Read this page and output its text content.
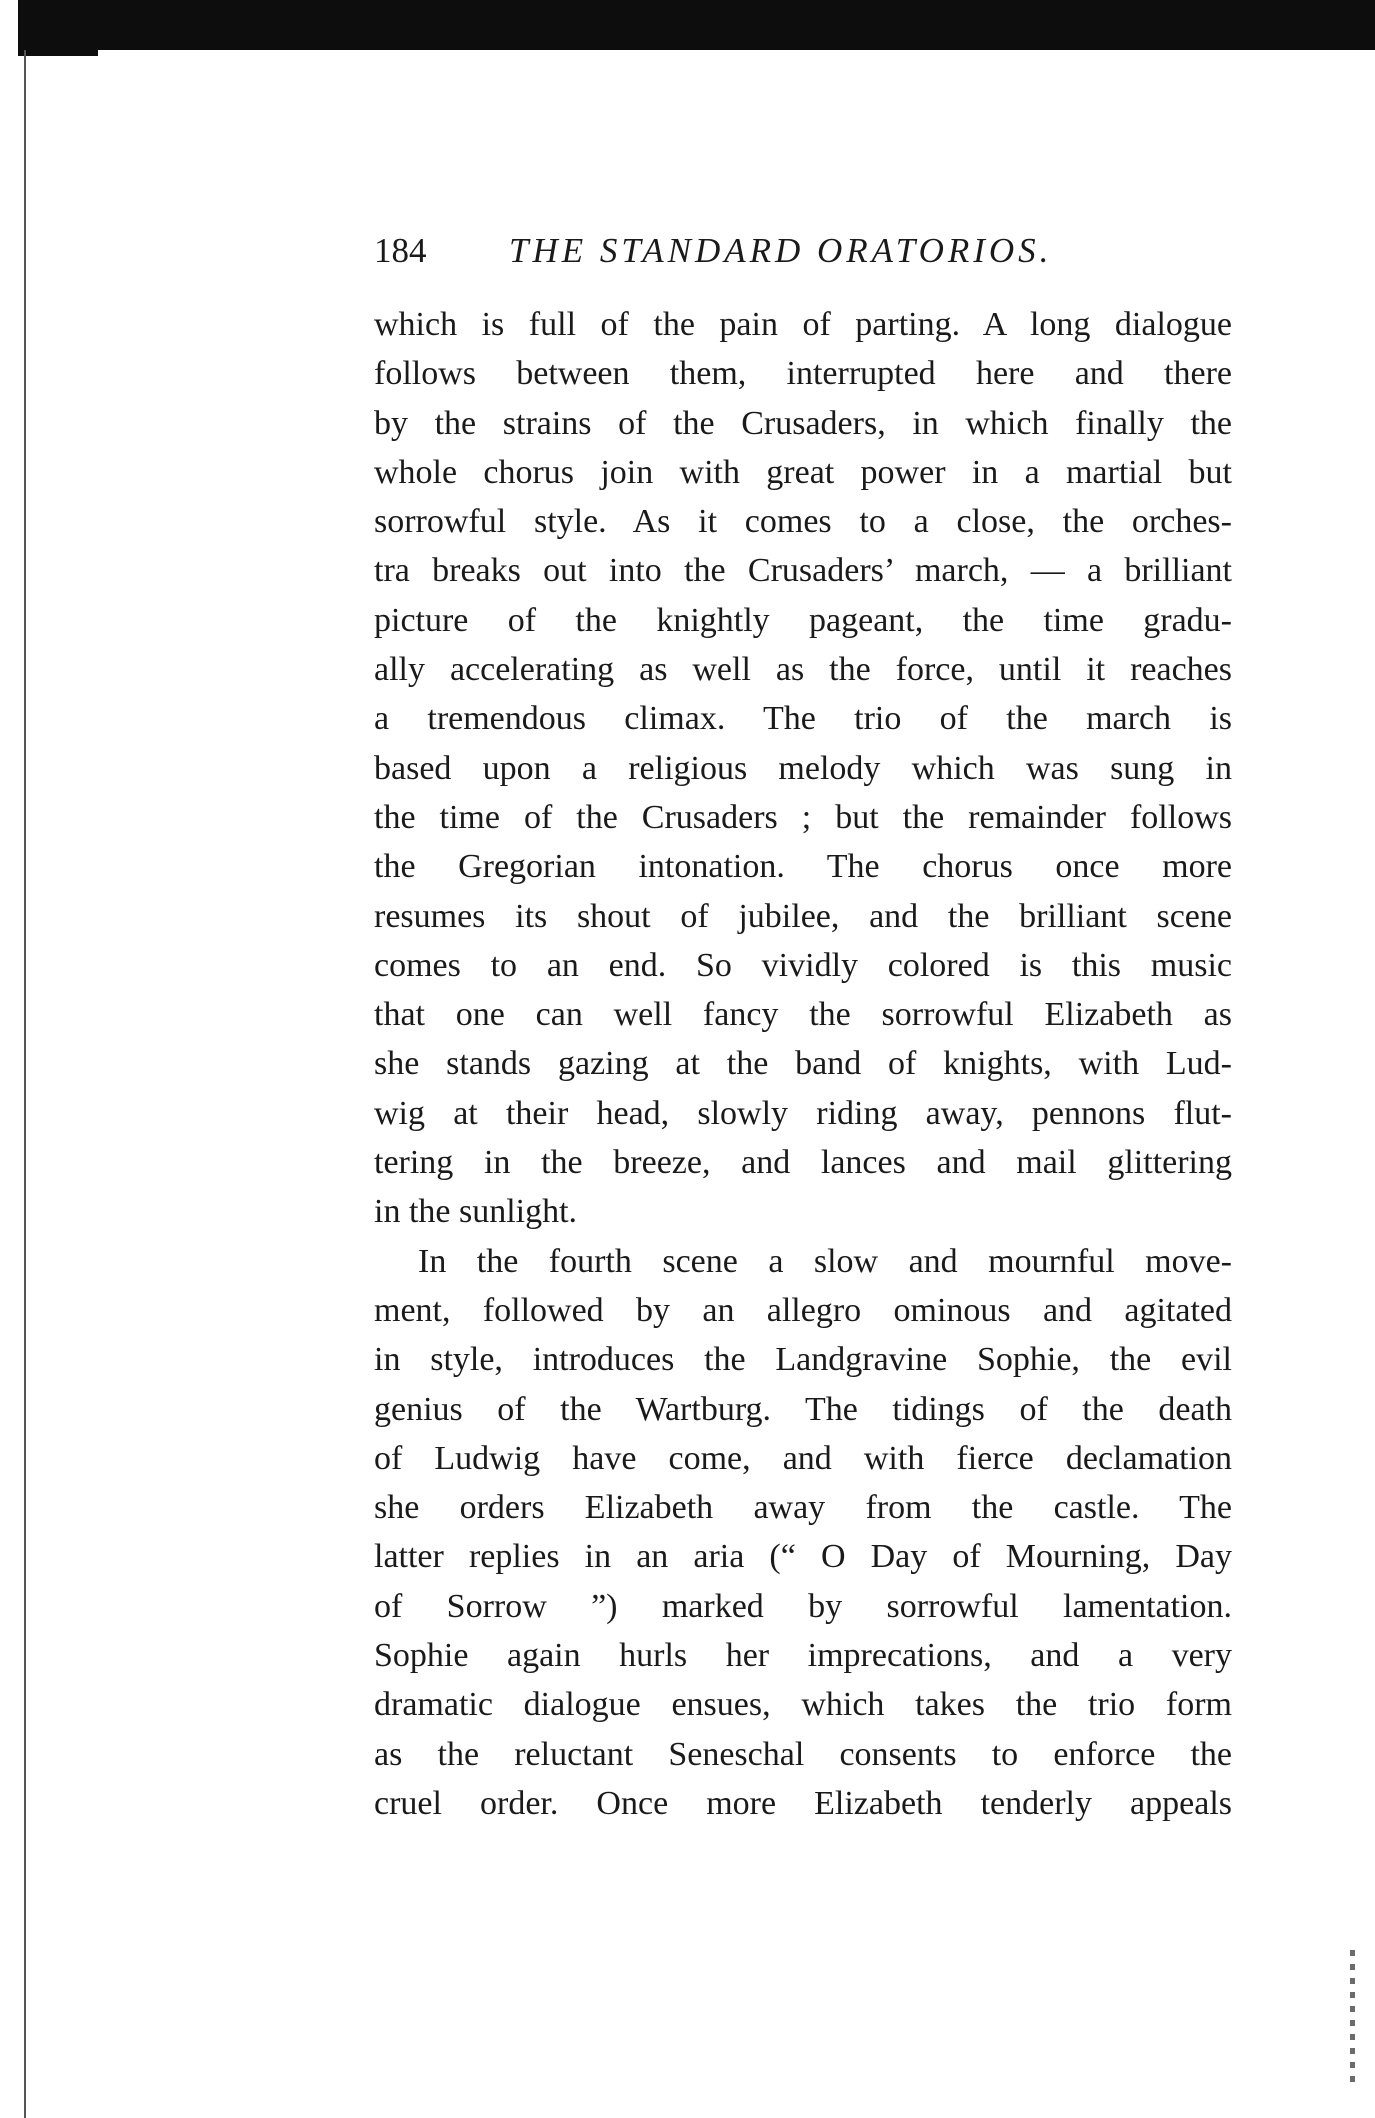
184 THE STANDARD ORATORIOS.
which is full of the pain of parting. A long dialogue
follows between them, interrupted here and there
by the strains of the Crusaders, in which finally the
whole chorus join with great power in a martial but
sorrowful style. As it comes to a close, the orches-
tra breaks out into the Crusaders’ march, — a brilliant
picture of the knightly pageant, the time gradu-
ally accelerating as well as the force, until it reaches
a tremendous climax. The trio of the march is
based upon a religious melody which was sung in
the time of the Crusaders ; but the remainder follows
the Gregorian intonation. The chorus once more
resumes its shout of jubilee, and the brilliant scene
comes to an end. So vividly colored is this music
that one can well fancy the sorrowful Elizabeth as
she stands gazing at the band of knights, with Lud-
wig at their head, slowly riding away, pennons flut-
tering in the breeze, and lances and mail glittering
in the sunlight.
In the fourth scene a slow and mournful move-
ment, followed by an allegro ominous and agitated
in style, introduces the Landgravine Sophie, the evil
genius of the Wartburg. The tidings of the death
of Ludwig have come, and with fierce declamation
she orders Elizabeth away from the castle. The
latter replies in an aria (“ O Day of Mourning, Day
of Sorrow ”) marked by sorrowful lamentation.
Sophie again hurls her imprecations, and a very
dramatic dialogue ensues, which takes the trio form
as the reluctant Seneschal consents to enforce the
cruel order. Once more Elizabeth tenderly appeals
